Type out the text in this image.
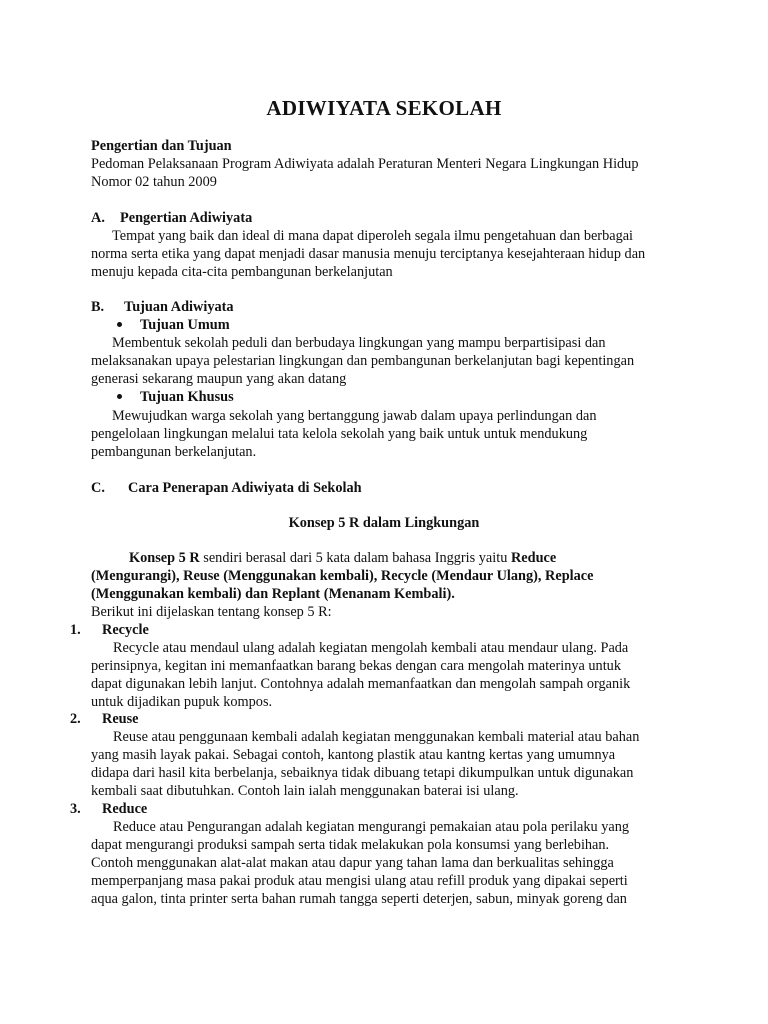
ADIWIYATA SEKOLAH
Pengertian dan Tujuan
Pedoman Pelaksanaan Program Adiwiyata adalah Peraturan Menteri Negara Lingkungan Hidup
Nomor 02 tahun 2009
A. Pengertian Adiwiyata
Tempat yang baik dan ideal di mana dapat diperoleh segala ilmu pengetahuan dan berbagai
norma serta etika yang dapat menjadi dasar manusia menuju terciptanya kesejahteraan hidup dan
menuju kepada cita-cita pembangunan berkelanjutan
B. Tujuan Adiwiyata
Tujuan Umum
Membentuk sekolah peduli dan berbudaya lingkungan yang mampu berpartisipasi dan
melaksanakan upaya pelestarian lingkungan dan pembangunan berkelanjutan bagi kepentingan
generasi sekarang maupun yang akan datang
Tujuan Khusus
Mewujudkan warga sekolah yang bertanggung jawab dalam upaya perlindungan dan
pengelolaan lingkungan melalui tata kelola sekolah yang baik untuk untuk mendukung
pembangunan berkelanjutan.
C. Cara Penerapan Adiwiyata di Sekolah
Konsep 5 R dalam Lingkungan
Konsep 5 R sendiri berasal dari 5 kata dalam bahasa Inggris yaitu Reduce
(Mengurangi), Reuse (Menggunakan kembali), Recycle (Mendaur Ulang), Replace
(Menggunakan kembali) dan Replant (Menanam Kembali).
Berikut ini dijelaskan tentang konsep 5 R:
1. Recycle
Recycle atau mendaul ulang adalah kegiatan mengolah kembali atau mendaur ulang. Pada
perinsipnya, kegitan ini memanfaatkan barang bekas dengan cara mengolah materinya untuk
dapat digunakan lebih lanjut. Contohnya adalah memanfaatkan dan mengolah sampah organik
untuk dijadikan pupuk kompos.
2. Reuse
Reuse atau penggunaan kembali adalah kegiatan menggunakan kembali material atau bahan
yang masih layak pakai. Sebagai contoh, kantong plastik atau kantng kertas yang umumnya
didapa dari hasil kita berbelanja, sebaiknya tidak dibuang tetapi dikumpulkan untuk digunakan
kembali saat dibutuhkan. Contoh lain ialah menggunakan baterai isi ulang.
3. Reduce
Reduce atau Pengurangan adalah kegiatan mengurangi pemakaian atau pola perilaku yang
dapat mengurangi produksi sampah serta tidak melakukan pola konsumsi yang berlebihan.
Contoh menggunakan alat-alat makan atau dapur yang tahan lama dan berkualitas sehingga
memperpanjang masa pakai produk atau mengisi ulang atau refill produk yang dipakai seperti
aqua galon, tinta printer serta bahan rumah tangga seperti deterjen, sabun, minyak goreng dan
